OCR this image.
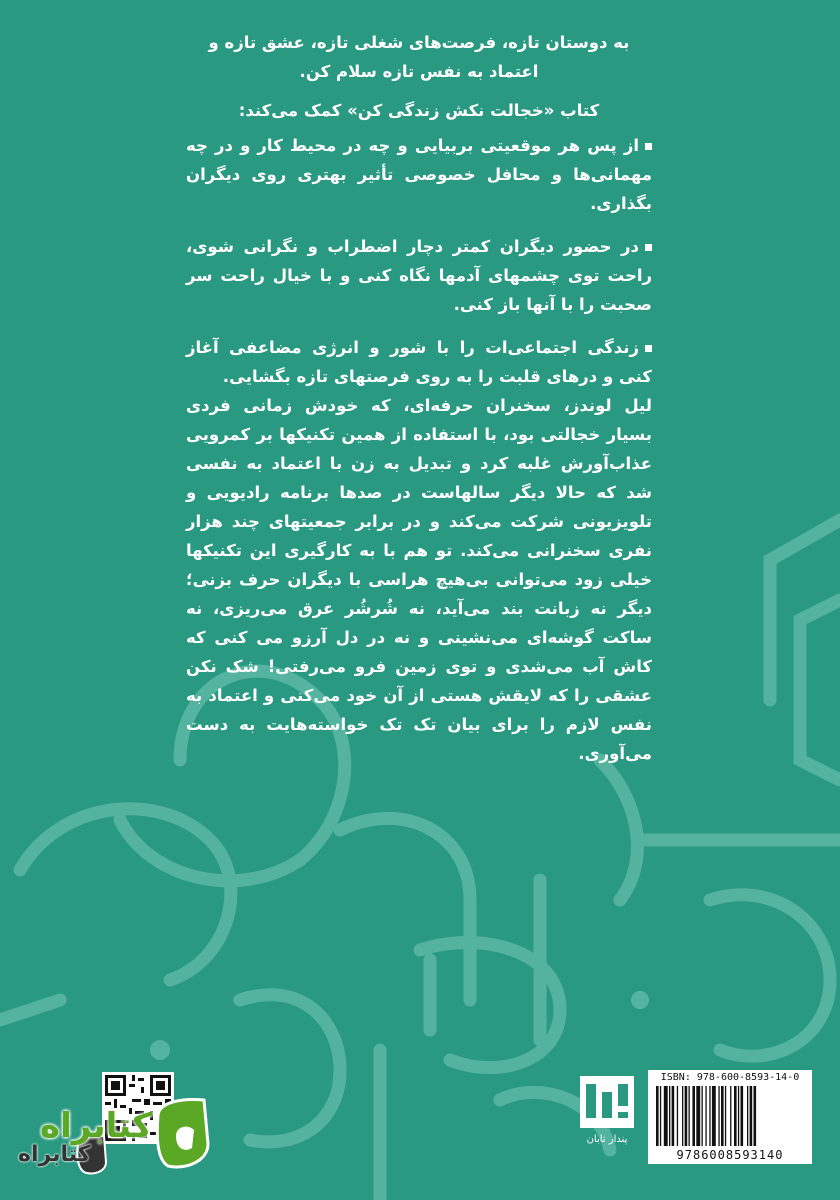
به دوستان تازه، فرصت‌های شغلی تازه، عشق تازه و اعتماد به نفس تازه سلام کن.

کتاب «خجالت نکش زندگی کن» کمک می‌کند:

از پس هر موقعیتی بربیایی و چه در محیط کار و در چه مهمانی‌ها و محافل خصوصی تأثیر بهتری روی دیگران بگذاری.

در حضور دیگران کمتر دچار اضطراب و نگرانی شوی، راحت توی چشمهای آدمها نگاه کنی و با خیال راحت سر صحبت را با آنها باز کنی.

زندگی اجتماعی‌ات را با شور و انرژی مضاعفی آغاز کنی و درهای قلبت را به روی فرصتهای تازه بگشایی.

لیل لوندز، سخنران حرفه‌ای، که خودش زمانی فردی بسیار خجالتی بود، با استفاده از همین تکنیکها بر کمرویی عذاب‌آورش غلبه کرد و تبدیل به زن با اعتماد به نفسی شد که حالا دیگر سالهاست در صدها برنامه رادیویی و تلویزیونی شرکت می‌کند و در برابر جمعیتهای چند هزار نفری سخنرانی می‌کند. تو هم با به کارگیری این تکنیکها خیلی زود می‌توانی بی‌هیچ هراسی با دیگران حرف بزنی؛ دیگر نه زبانت بند می‌آید، نه شُرشُر عرق می‌ریزی، نه ساکت گوشه‌ای می‌نشینی و نه در دل آرزو می کنی که کاش آب می‌شدی و توی زمین فرو می‌رفتی! شک نکن عشقی را که لایقش هستی از آن خود می‌کنی و اعتماد به نفس لازم را برای بیان تک تک خواسته‌هایت به دست می‌آوری.

پندار تابان
ISBN: 978-600-8593-14-0
9786008593140
کتابراه
کتابراه
